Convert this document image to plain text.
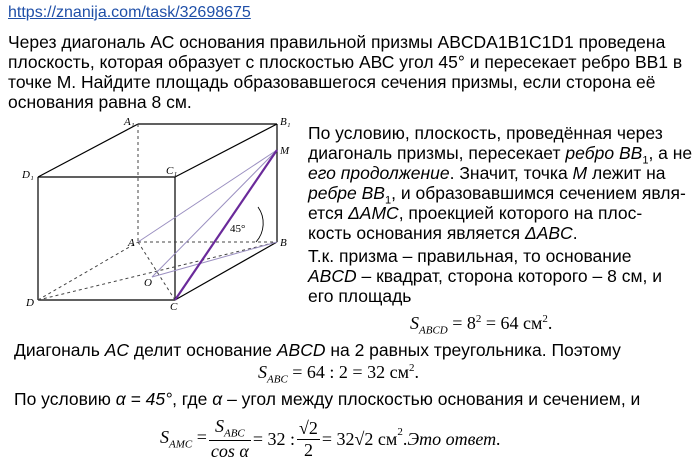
https://znanija.com/task/32698675
Через диагональ АС основания правильной призмы ABCDA1B1C1D1 проведена плоскость, которая образует с плоскостью АВС угол 45° и пересекает ребро ВВ1 в точке М. Найдите площадь образовавшегося сечения призмы, если сторона её основания равна 8 см.
A₁	B₁
C₁
D₁
A	B
C
D
M
O
45°
По условию, плоскость, проведённая через
диагональ призмы, пересекает ребро $BB_1$, а не
его продолжение. Значит, точка M лежит на
ребре $BB_1$, и образовавшимся сечением явля-
ется ΔAMC, проекцией которого на плос-
кость основания является ΔABC.
Т.к. призма – правильная, то основание
ABCD – квадрат, сторона которого – 8 см, и
его площадь
$S_{ABCD} = 8^2 = 64$ $см^2$.
Диагональ AC делит основание ABCD на 2 равных треугольника. Поэтому
$S_{ABC} = 64$ : 2 = 32 $см^2$.
По условию α = 45°, где α – угол между плоскостью основания и сечением, и
$S_{AMC} = \frac{S_{ABC}}{\text{cos α}} = 32$ : $\frac{√2}{2} = 32√2$ $см^2$ . Это ответ.
